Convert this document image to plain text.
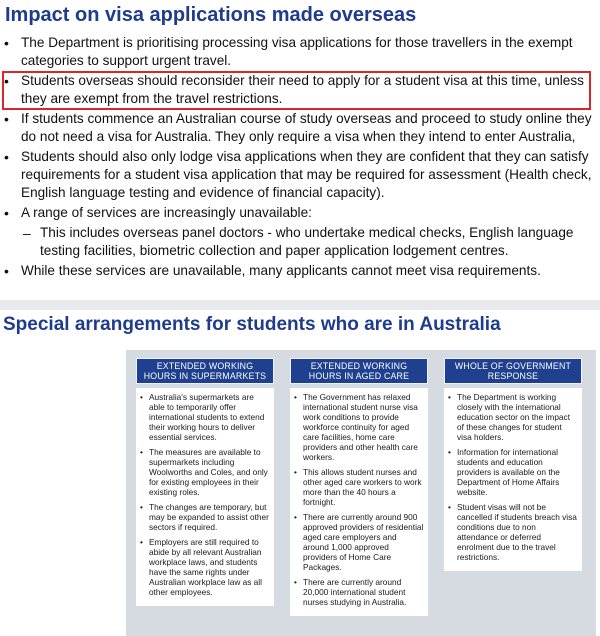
Impact on visa applications made overseas
• The Department is prioritising processing visa applications for those travellers in the exempt categories to support urgent travel.
• Students overseas should reconsider their need to apply for a student visa at this time, unless they are exempt from the travel restrictions.
• If students commence an Australian course of study overseas and proceed to study online they do not need a visa for Australia. They only require a visa when they intend to enter Australia,
• Students should also only lodge visa applications when they are confident that they can satisfy requirements for a student visa application that may be required for assessment (Health check, English language testing and evidence of financial capacity).
• A range of services are increasingly unavailable:
– This includes overseas panel doctors - who undertake medical checks, English language testing facilities, biometric collection and paper application lodgement centres.
• While these services are unavailable, many applicants cannot meet visa requirements.
Special arrangements for students who are in Australia
EXTENDED WORKING HOURS IN SUPERMARKETS
• Australia's supermarkets are able to temporarily offer international students to extend their working hours to deliver essential services.
• The measures are available to supermarkets including Woolworths and Coles, and only for existing employees in their existing roles.
• The changes are temporary, but may be expanded to assist other sectors if required.
• Employers are still required to abide by all relevant Australian workplace laws, and students have the same rights under Australian workplace law as all other employees.
EXTENDED WORKING HOURS IN AGED CARE
• The Government has relaxed international student nurse visa work conditions to provide workforce continuity for aged care facilities, home care providers and other health care workers.
• This allows student nurses and other aged care workers to work more than the 40 hours a fortnight.
• There are currently around 900 approved providers of residential aged care employers and around 1,000 approved providers of Home Care Packages.
• There are currently around 20,000 international student nurses studying in Australia.
WHOLE OF GOVERNMENT RESPONSE
• The Department is working closely with the international education sector on the impact of these changes for student visa holders.
• Information for international students and education providers is available on the Department of Home Affairs website.
• Student visas will not be cancelled if students breach visa conditions due to non attendance or deferred enrolment due to the travel restrictions.
